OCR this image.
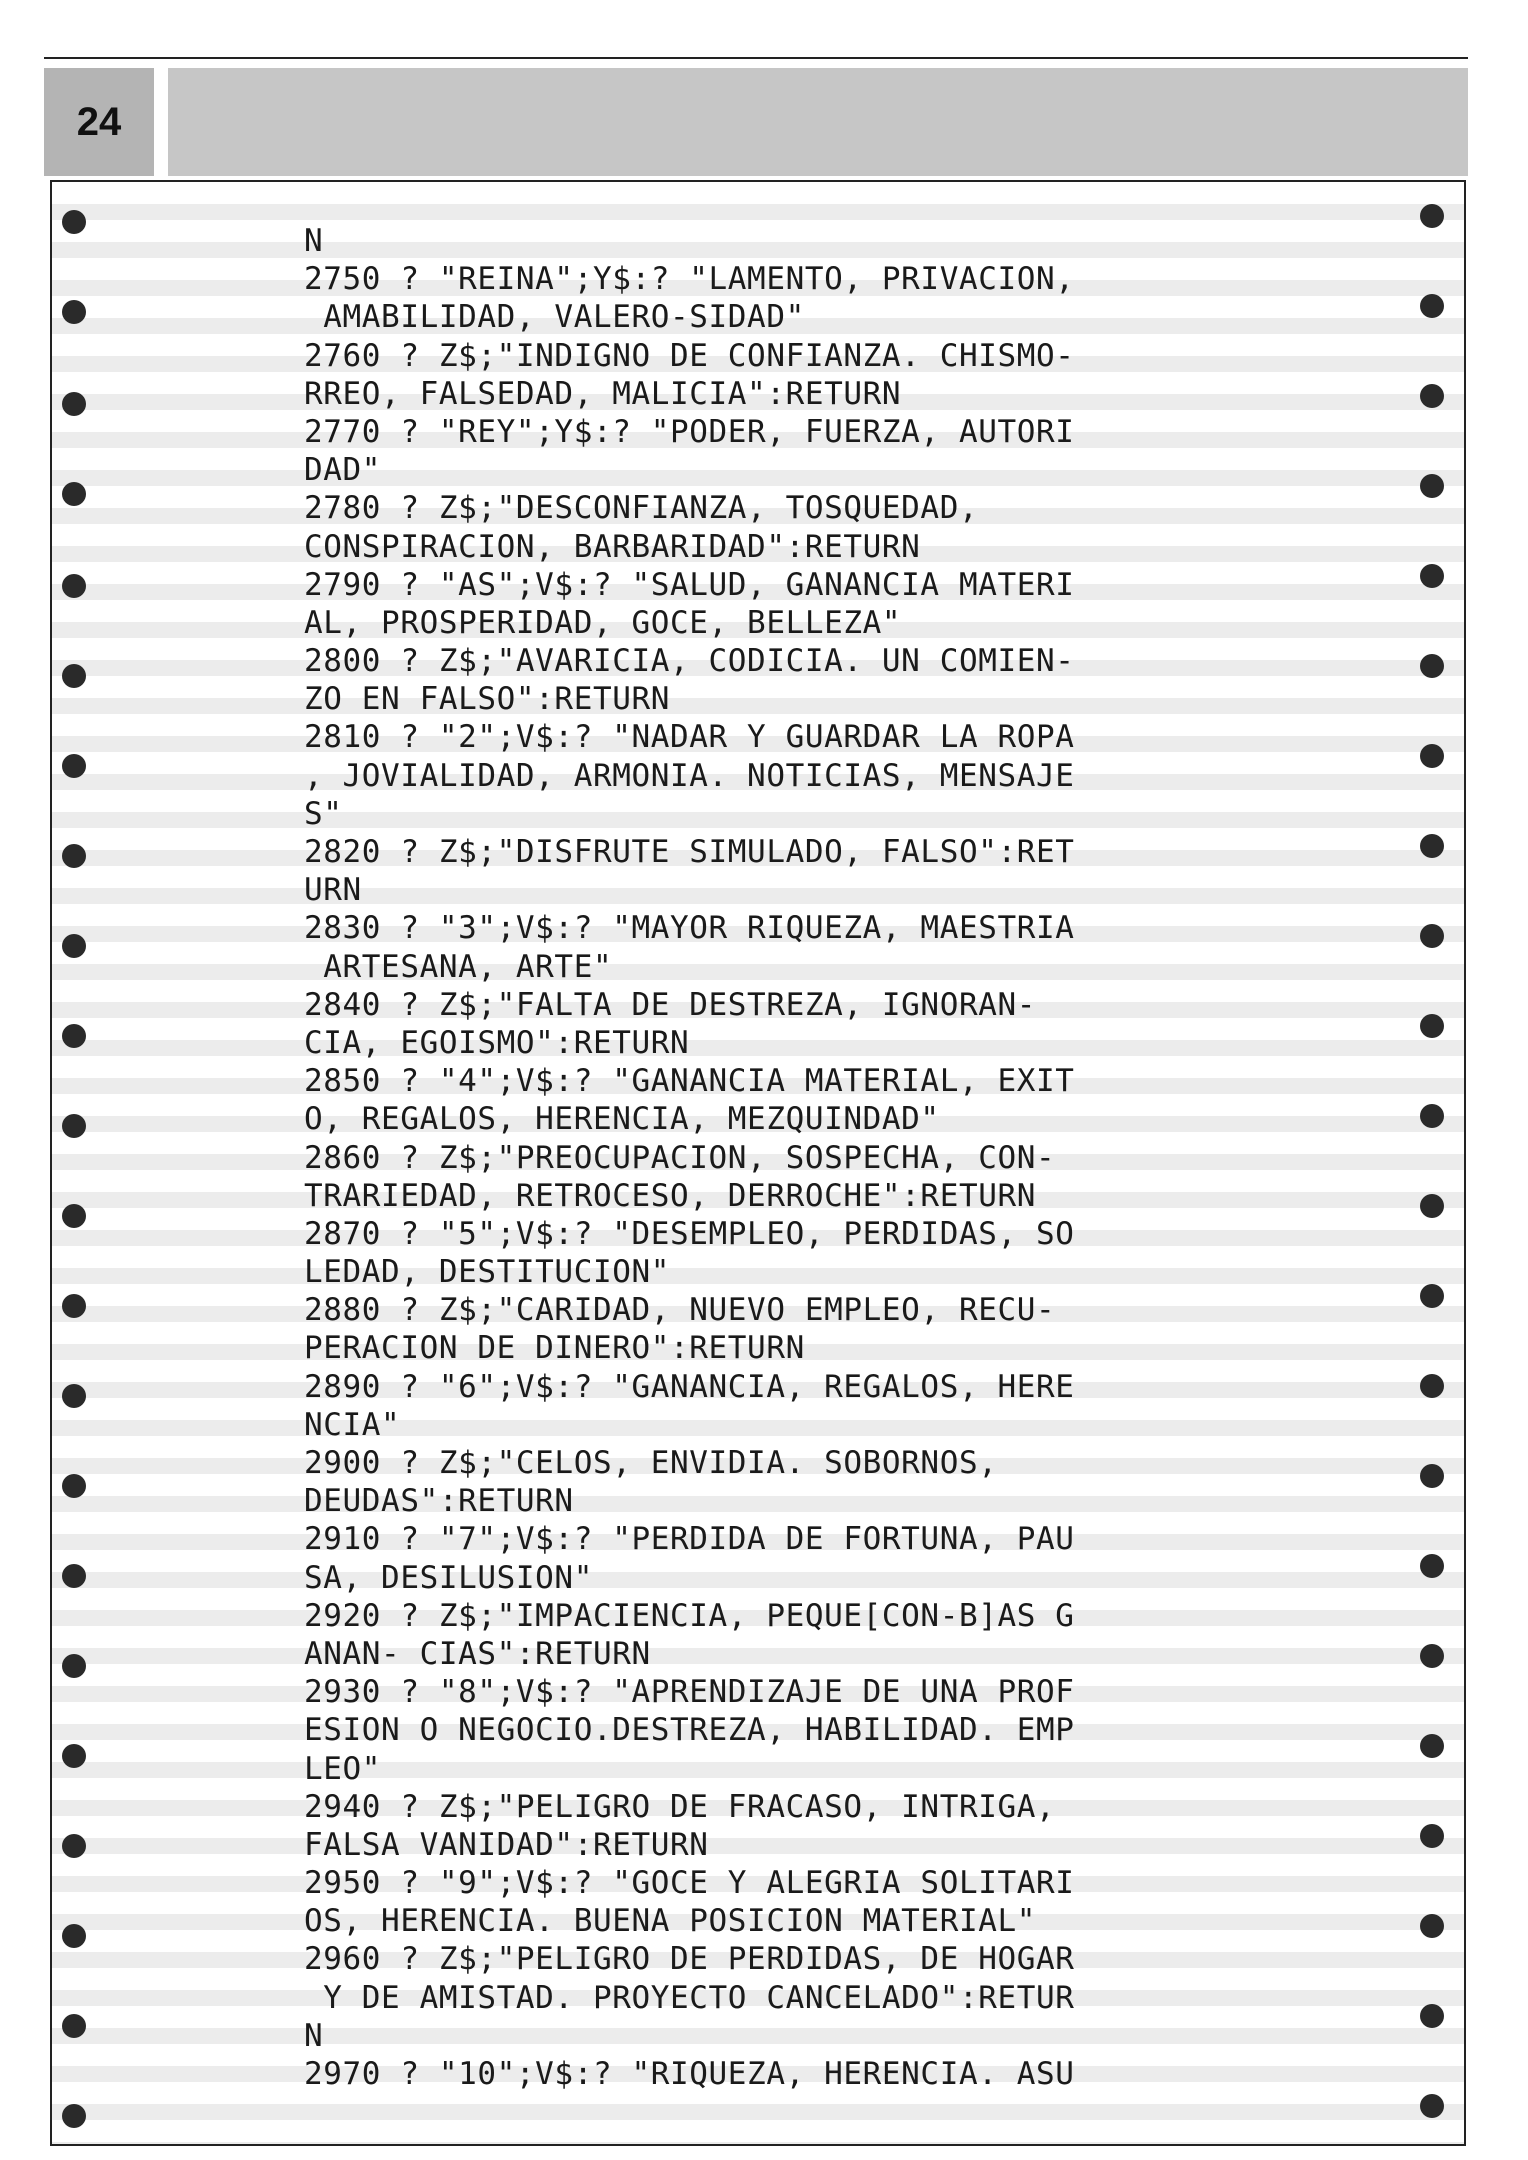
24
N
2750 ? "REINA";Y$:? "LAMENTO, PRIVACION,
AMABILIDAD, VALERO-SIDAD"
2760 ? Z$;"INDIGNO DE CONFIANZA. CHISMO-
RREO, FALSEDAD, MALICIA":RETURN
2770 ? "REY";Y$:? "PODER, FUERZA, AUTORI
DAD"
2780 ? Z$;"DESCONFIANZA, TOSQUEDAD,
CONSPIRACION, BARBARIDAD":RETURN
2790 ? "AS";V$:? "SALUD, GANANCIA MATERI
AL, PROSPERIDAD, GOCE, BELLEZA"
2800 ? Z$;"AVARICIA, CODICIA. UN COMIEN-
ZO EN FALSO":RETURN
2810 ? "2";V$:? "NADAR Y GUARDAR LA ROPA
, JOVIALIDAD, ARMONIA. NOTICIAS, MENSAJE
S"
2820 ? Z$;"DISFRUTE SIMULADO, FALSO":RET
URN
2830 ? "3";V$:? "MAYOR RIQUEZA, MAESTRIA
ARTESANA, ARTE"
2840 ? Z$;"FALTA DE DESTREZA, IGNORAN-
CIA, EGOISMO":RETURN
2850 ? "4";V$:? "GANANCIA MATERIAL, EXIT
O, REGALOS, HERENCIA, MEZQUINDAD"
2860 ? Z$;"PREOCUPACION, SOSPECHA, CON-
TRARIEDAD, RETROCESO, DERROCHE":RETURN
2870 ? "5";V$:? "DESEMPLEO, PERDIDAS, SO
LEDAD, DESTITUCION"
2880 ? Z$;"CARIDAD, NUEVO EMPLEO, RECU-
PERACION DE DINERO":RETURN
2890 ? "6";V$:? "GANANCIA, REGALOS, HERE
NCIA"
2900 ? Z$;"CELOS, ENVIDIA. SOBORNOS,
DEUDAS":RETURN
2910 ? "7";V$:? "PERDIDA DE FORTUNA, PAU
SA, DESILUSION"
2920 ? Z$;"IMPACIENCIA, PEQUE[CON-B]AS G
ANAN- CIAS":RETURN
2930 ? "8";V$:? "APRENDIZAJE DE UNA PROF
ESION O NEGOCIO.DESTREZA, HABILIDAD. EMP
LEO"
2940 ? Z$;"PELIGRO DE FRACASO, INTRIGA,
FALSA VANIDAD":RETURN
2950 ? "9";V$:? "GOCE Y ALEGRIA SOLITARI
OS, HERENCIA. BUENA POSICION MATERIAL"
2960 ? Z$;"PELIGRO DE PERDIDAS, DE HOGAR
Y DE AMISTAD. PROYECTO CANCELADO":RETUR
N
2970 ? "10";V$:? "RIQUEZA, HERENCIA. ASU
